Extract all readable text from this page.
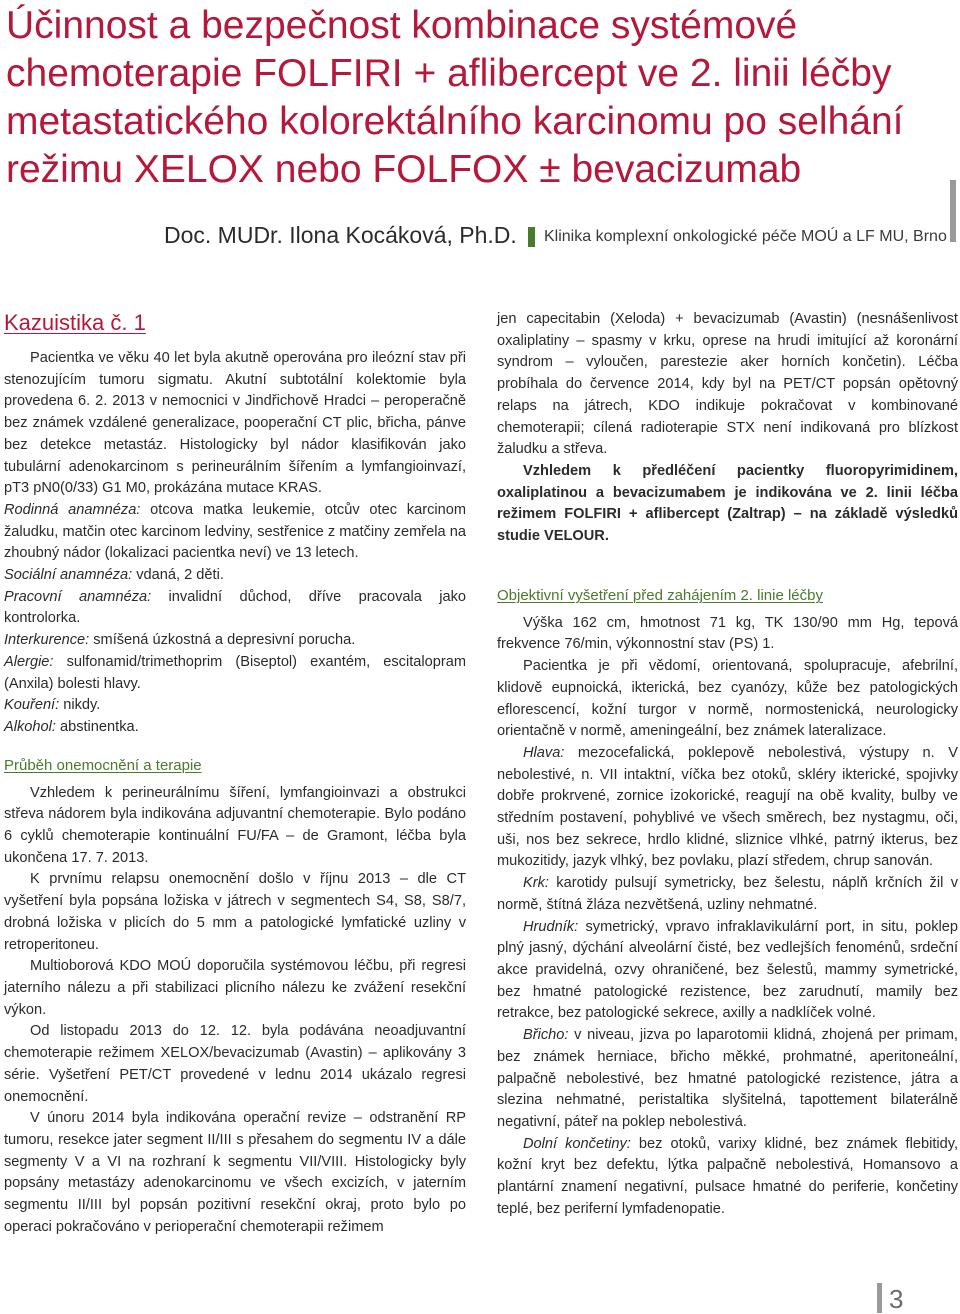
Účinnost a bezpečnost kombinace systémové
chemoterapie FOLFIRI + aflibercept ve 2. linii léčby
metastatického kolorektálního karcinomu po selhání
režimu XELOX nebo FOLFOX ± bevacizumab
Doc. MUDr. Ilona Kocáková, Ph.D. Klinika komplexní onkologické péče MOÚ a LF MU, Brno
Kazuistika č. 1

Pacientka ve věku 40 let byla akutně operována pro ileózní stav při stenozujícím tumoru sigmatu. Akutní subtotální kolektomie byla provedena 6. 2. 2013 v nemocnici v Jindřichově Hradci – peroperačně bez známek vzdálené generalizace, pooperační CT plic, břicha, pánve bez detekce metastáz. Histologicky byl nádor klasifikován jako tubulární adenokarcinom s perineurálním šířením a lymfangioinvazí, pT3 pN0(0/33) G1 M0, prokázána mutace KRAS.

Rodinná anamnéza: otcova matka leukemie, otcův otec karcinom žaludku, matčin otec karcinom ledviny, sestřenice z matčiny zemřela na zhoubný nádor (lokalizaci pacientka neví) ve 13 letech.

Sociální anamnéza: vdaná, 2 děti.

Pracovní anamnéza: invalidní důchod, dříve pracovala jako kontrolorka.

Interkurence: smíšená úzkostná a depresivní porucha.

Alergie: sulfonamid/trimethoprim (Biseptol) exantém, escitalopram (Anxila) bolesti hlavy.

Kouření: nikdy.

Alkohol: abstinentka.

Průběh onemocnění a terapie

Vzhledem k perineurálnímu šíření, lymfangioinvazi a obstrukci střeva nádorem byla indikována adjuvantní chemoterapie. Bylo podáno 6 cyklů chemoterapie kontinuální FU/FA – de Gramont, léčba byla ukončena 17. 7. 2013.

K prvnímu relapsu onemocnění došlo v říjnu 2013 – dle CT vyšetření byla popsána ložiska v játrech v segmentech S4, S8, S8/7, drobná ložiska v plicích do 5 mm a patologické lymfatické uzliny v retroperitoneu.

Multioborová KDO MOÚ doporučila systémovou léčbu, při regresi jaterního nálezu a při stabilizaci plicního nálezu ke zvážení resekční výkon.

Od listopadu 2013 do 12. 12. byla podávána neoadjuvantní chemoterapie režimem XELOX/bevacizumab (Avastin) – aplikovány 3 série. Vyšetření PET/CT provedené v lednu 2014 ukázalo regresi onemocnění.

V únoru 2014 byla indikována operační revize – odstranění RP tumoru, resekce jater segment II/III s přesahem do segmentu IV a dále segmenty V a VI na rozhraní k segmentu VII/VIII. Histologicky byly popsány metastázy adenokarcinomu ve všech excizích, v jaterním segmentu II/III byl popsán pozitivní resekční okraj, proto bylo po operaci pokračováno v perioperační chemoterapii režimem

jen capecitabin (Xeloda) + bevacizumab (Avastin) (nesnášenlivost oxaliplatiny – spasmy v krku, oprese na hrudi imitující až koronární syndrom – vyloučen, parestezie aker horních končetin). Léčba probíhala do července 2014, kdy byl na PET/CT popsán opětovný relaps na játrech, KDO indikuje pokračovat v kombinované chemoterapii; cílená radioterapie STX není indikovaná pro blízkost žaludku a střeva.

Vzhledem k předléčení pacientky fluoropyrimidinem, oxaliplatinou a bevacizumabem je indikována ve 2. linii léčba režimem FOLFIRI + aflibercept (Zaltrap) – na základě výsledků studie VELOUR.

Objektivní vyšetření před zahájením 2. linie léčby

Výška 162 cm, hmotnost 71 kg, TK 130/90 mm Hg, tepová frekvence 76/min, výkonnostní stav (PS) 1.

Pacientka je při vědomí, orientovaná, spolupracuje, afebrilní, klidově eupnoická, ikterická, bez cyanózy, kůže bez patologických eflorescencí, kožní turgor v normě, normostenická, neurologicky orientačně v normě, ameningeální, bez známek lateralizace.

Hlava: mezocefalická, poklepově nebolestivá, výstupy n. V nebolestivé, n. VII intaktní, víčka bez otoků, skléry ikterické, spojivky dobře prokrvené, zornice izokorické, reagují na obě kvality, bulby ve středním postavení, pohyblivé ve všech směrech, bez nystagmu, oči, uši, nos bez sekrece, hrdlo klidné, sliznice vlhké, patrný ikterus, bez mukozitidy, jazyk vlhký, bez povlaku, plazí středem, chrup sanován.

Krk: karotidy pulsují symetricky, bez šelestu, náplň krčních žil v normě, štítná žláza nezvětšená, uzliny nehmatné.

Hrudník: symetrický, vpravo infraklavikulární port, in situ, poklep plný jasný, dýchání alveolární čisté, bez vedlejších fenoménů, srdeční akce pravidelná, ozvy ohraničené, bez šelestů, mammy symetrické, bez hmatné patologické rezistence, bez zarudnutí, mamily bez retrakce, bez patologické sekrece, axilly a nadklíček volné.

Břicho: v niveau, jizva po laparotomii klidná, zhojená per primam, bez známek herniace, břicho měkké, prohmatné, aperitoneální, palpačně nebolestivé, bez hmatné patologické rezistence, játra a slezina nehmatné, peristaltika slyšitelná, tapottement bilaterálně negativní, páteř na poklep nebolestivá.

Dolní končetiny: bez otoků, varixy klidné, bez známek flebitidy, kožní kryt bez defektu, lýtka palpačně nebolestivá, Homansovo a plantární znamení negativní, pulsace hmatné do periferie, končetiny teplé, bez periferní lymfadenopatie.

3
